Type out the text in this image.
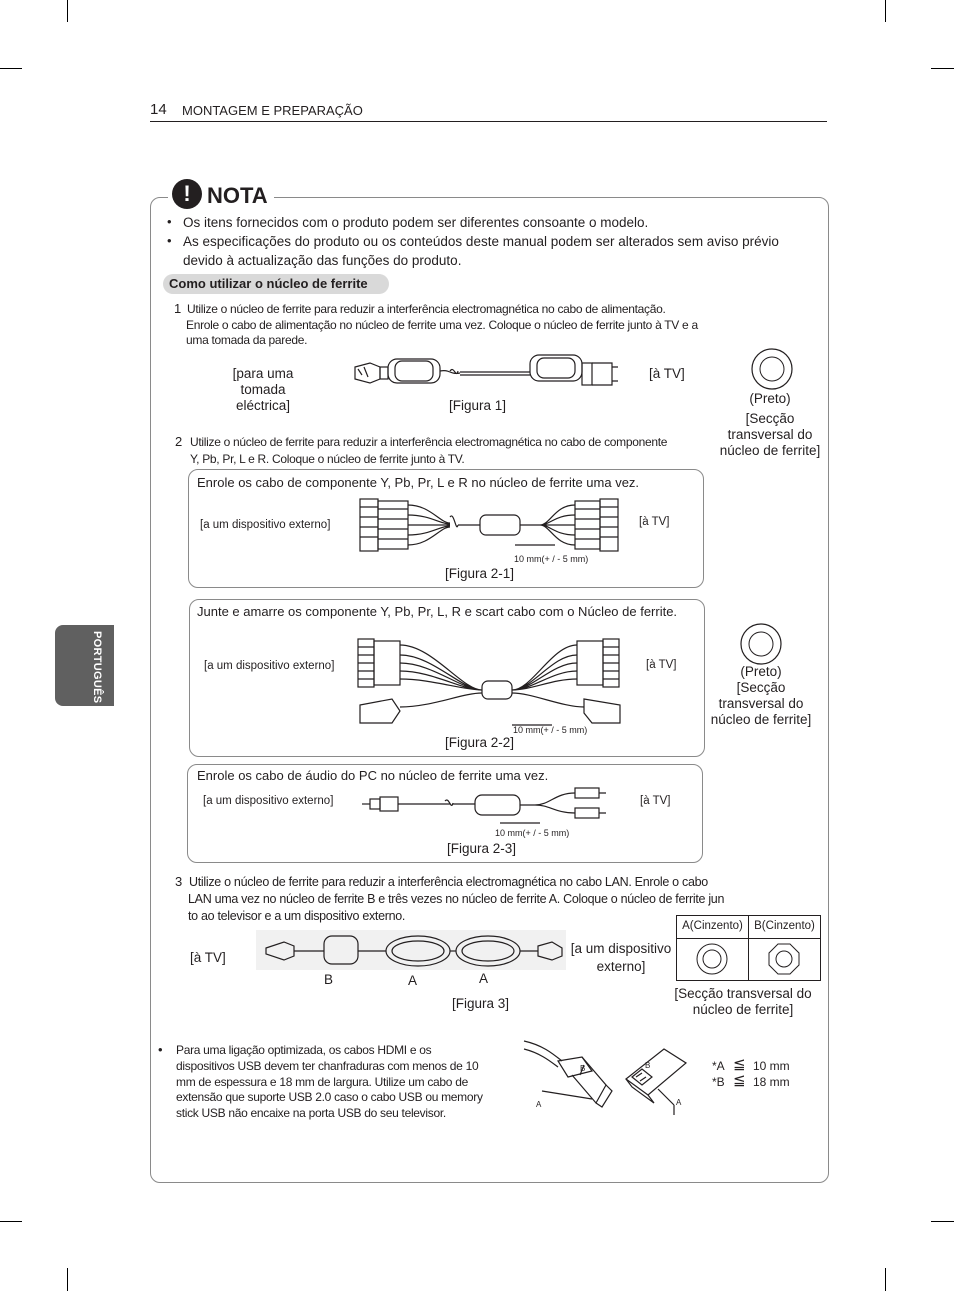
14 MONTAGEM E PREPARAÇÃO
PORTUGUÊS
! NOTA
• Os itens fornecidos com o produto podem ser diferentes consoante o modelo.
• As especificações do produto ou os conteúdos deste manual podem ser alterados sem aviso prévio
devido à actualização das funções do produto.
Como utilizar o núcleo de ferrite
1 Utilize o núcleo de ferrite para reduzir a interferência electromagnética no cabo de alimentação.
Enrole o cabo de alimentação no núcleo de ferrite uma vez. Coloque o núcleo de ferrite junto à TV e a
uma tomada da parede.
[para uma
tomada
eléctrica]
[à TV]
[Figura 1]	(Preto)
[Secção
transversal do
núcleo de ferrite]
2 Utilize o núcleo de ferrite para reduzir a interferência electromagnética no cabo de componente
Y, Pb, Pr, L e R. Coloque o núcleo de ferrite junto à TV.
Enrole os cabo de componente Y, Pb, Pr, L e R no núcleo de ferrite uma vez.
[a um dispositivo externo]	[à TV]
10 mm(+ / - 5 mm)
[Figura 2-1]
Junte e amarre os componente Y, Pb, Pr, L, R e scart cabo com o Núcleo de ferrite.
[a um dispositivo externo]	[à TV]
10 mm(+ / - 5 mm)
[Figura 2-2]
(Preto)
[Secção
transversal do
núcleo de ferrite]
Enrole os cabo de áudio do PC no núcleo de ferrite uma vez.
[a um dispositivo externo]	[à TV]
10 mm(+ / - 5 mm)
[Figura 2-3]
3 Utilize o núcleo de ferrite para reduzir a interferência electromagnética no cabo LAN. Enrole o cabo
LAN uma vez no núcleo de ferrite B e três vezes no núcleo de ferrite A. Coloque o núcleo de ferrite jun
to ao televisor e a um dispositivo externo.
[à TV]
[a um dispositivo
externo]
B	A	A
[Figura 3]
A(Cinzento) B(Cinzento)
[Secção transversal do
núcleo de ferrite]
• Para uma ligação optimizada, os cabos HDMI e os
dispositivos USB devem ter chanfraduras com menos de 10
mm de espessura e 18 mm de largura. Utilize um cabo de
extensão que suporte USB 2.0 caso o cabo USB ou memory
stick USB não encaixe na porta USB do seu televisor.
A
B	B
A
*A ≦ 10 mm
*B ≦ 18 mm
